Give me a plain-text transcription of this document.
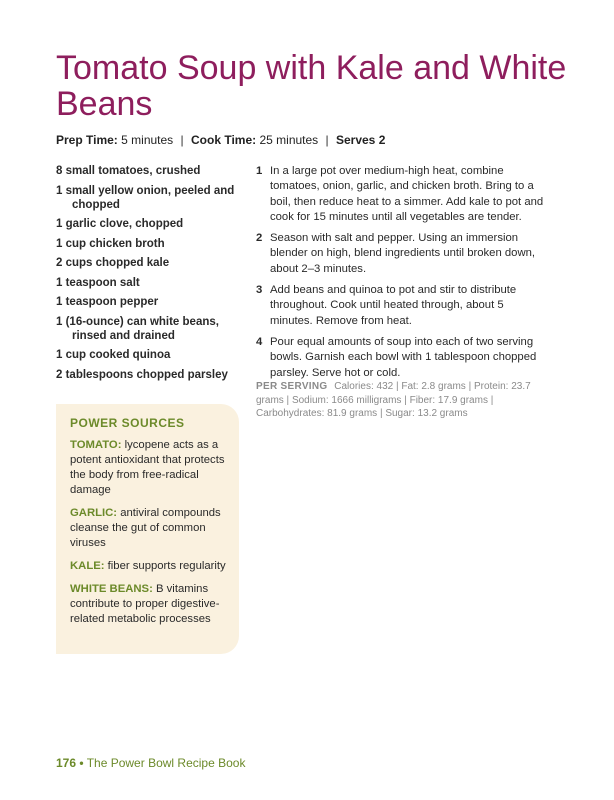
Tomato Soup with Kale and White Beans
Prep Time: 5 minutes | Cook Time: 25 minutes | Serves 2
8 small tomatoes, crushed
1 small yellow onion, peeled and chopped
1 garlic clove, chopped
1 cup chicken broth
2 cups chopped kale
1 teaspoon salt
1 teaspoon pepper
1 (16-ounce) can white beans, rinsed and drained
1 cup cooked quinoa
2 tablespoons chopped parsley
POWER SOURCES
TOMATO: lycopene acts as a potent antioxidant that protects the body from free-radical damage
GARLIC: antiviral compounds cleanse the gut of common viruses
KALE: fiber supports regularity
WHITE BEANS: B vitamins contribute to proper digestive-related metabolic processes
1 In a large pot over medium-high heat, combine tomatoes, onion, garlic, and chicken broth. Bring to a boil, then reduce heat to a simmer. Add kale to pot and cook for 15 minutes until all vegetables are tender.
2 Season with salt and pepper. Using an immersion blender on high, blend ingredients until broken down, about 2–3 minutes.
3 Add beans and quinoa to pot and stir to distribute throughout. Cook until heated through, about 5 minutes. Remove from heat.
4 Pour equal amounts of soup into each of two serving bowls. Garnish each bowl with 1 tablespoon chopped parsley. Serve hot or cold.
PER SERVING Calories: 432 | Fat: 2.8 grams | Protein: 23.7 grams | Sodium: 1666 milligrams | Fiber: 17.9 grams | Carbohydrates: 81.9 grams | Sugar: 13.2 grams
176 • The Power Bowl Recipe Book
